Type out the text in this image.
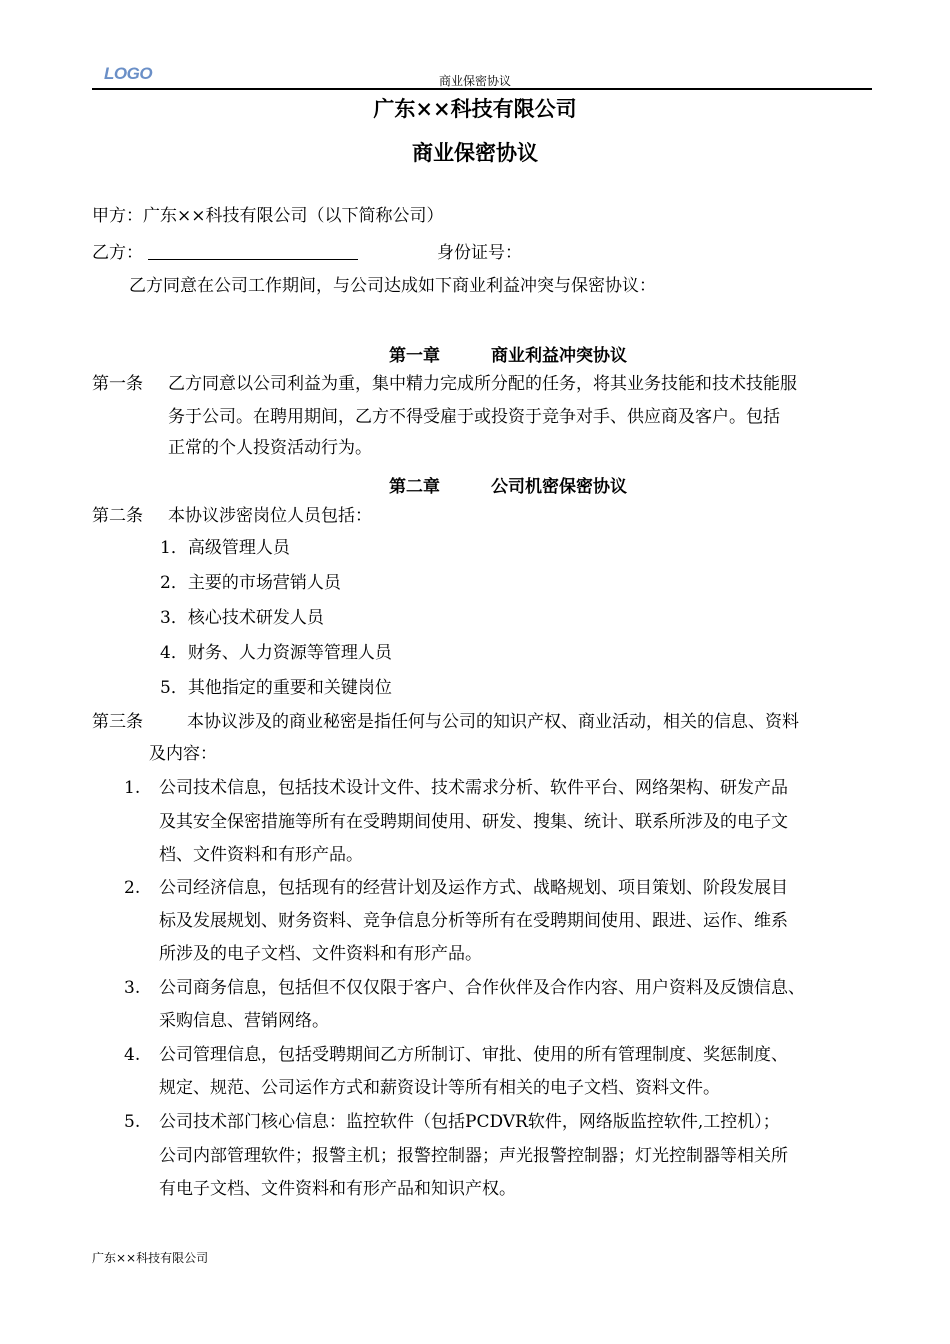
LOGO	商业保密协议
广东××科技有限公司
商业保密协议
甲方：广东××科技有限公司（以下简称公司）
乙方：	身份证号：
乙方同意在公司工作期间，与公司达成如下商业利益冲突与保密协议：
第一章	商业利益冲突协议
第一条 乙方同意以公司利益为重，集中精力完成所分配的任务，将其业务技能和技术技能服
务于公司。在聘用期间，乙方不得受雇于或投资于竞争对手、供应商及客户。包括
正常的个人投资活动行为。
第二章	公司机密保密协议
第二条 本协议涉密岗位人员包括：
1．高级管理人员
2．主要的市场营销人员
3．核心技术研发人员
4．财务、人力资源等管理人员
5．其他指定的重要和关键岗位
第三条	本协议涉及的商业秘密是指任何与公司的知识产权、商业活动，相关的信息、资料
及内容：
1. 公司技术信息，包括技术设计文件、技术需求分析、软件平台、网络架构、研发产品
及其安全保密措施等所有在受聘期间使用、研发、搜集、统计、联系所涉及的电子文
档、文件资料和有形产品。
2. 公司经济信息，包括现有的经营计划及运作方式、战略规划、项目策划、阶段发展目
标及发展规划、财务资料、竞争信息分析等所有在受聘期间使用、跟进、运作、维系
所涉及的电子文档、文件资料和有形产品。
3. 公司商务信息，包括但不仅仅限于客户、合作伙伴及合作内容、用户资料及反馈信息、
采购信息、营销网络。
4. 公司管理信息，包括受聘期间乙方所制订、审批、使用的所有管理制度、奖惩制度、
规定、规范、公司运作方式和薪资设计等所有相关的电子文档、资料文件。
5. 公司技术部门核心信息：监控软件（包括PCDVR软件，网络版监控软件,工控机）；
公司内部管理软件；报警主机；报警控制器；声光报警控制器；灯光控制器等相关所
有电子文档、文件资料和有形产品和知识产权。
广东××科技有限公司
